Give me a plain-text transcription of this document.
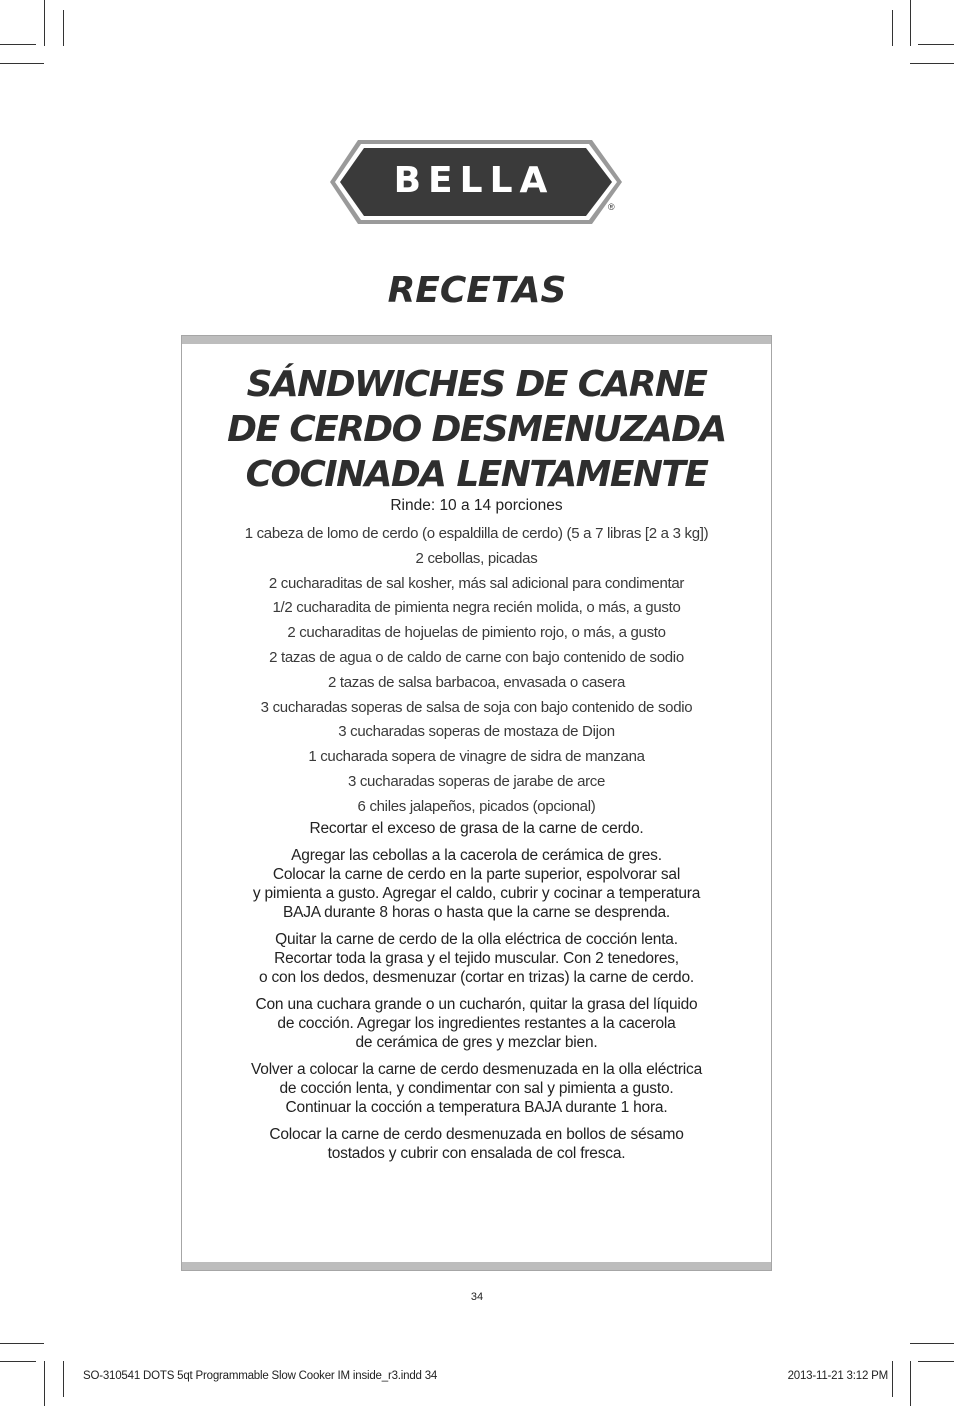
BELLA
®
RECETAS
SÁNDWICHES DE CARNE
DE CERDO DESMENUZADA
COCINADA LENTAMENTE
Rinde: 10 a 14 porciones
1 cabeza de lomo de cerdo (o espaldilla de cerdo) (5 a 7 libras [2 a 3 kg])
2 cebollas, picadas
2 cucharaditas de sal kosher, más sal adicional para condimentar
1/2 cucharadita de pimienta negra recién molida, o más, a gusto
2 cucharaditas de hojuelas de pimiento rojo, o más, a gusto
2 tazas de agua o de caldo de carne con bajo contenido de sodio
2 tazas de salsa barbacoa, envasada o casera
3 cucharadas soperas de salsa de soja con bajo contenido de sodio
3 cucharadas soperas de mostaza de Dijon
1 cucharada sopera de vinagre de sidra de manzana
3 cucharadas soperas de jarabe de arce
6 chiles jalapeños, picados (opcional)

Recortar el exceso de grasa de la carne de cerdo.

Agregar las cebollas a la cacerola de cerámica de gres.
Colocar la carne de cerdo en la parte superior, espolvorar sal
y pimienta a gusto. Agregar el caldo, cubrir y cocinar a temperatura
BAJA durante 8 horas o hasta que la carne se desprenda.

Quitar la carne de cerdo de la olla eléctrica de cocción lenta.
Recortar toda la grasa y el tejido muscular. Con 2 tenedores,
o con los dedos, desmenuzar (cortar en trizas) la carne de cerdo.

Con una cuchara grande o un cucharón, quitar la grasa del líquido
de cocción. Agregar los ingredientes restantes a la cacerola
de cerámica de gres y mezclar bien.

Volver a colocar la carne de cerdo desmenuzada en la olla eléctrica
de cocción lenta, y condimentar con sal y pimienta a gusto.
Continuar la cocción a temperatura BAJA durante 1 hora.

Colocar la carne de cerdo desmenuzada en bollos de sésamo
tostados y cubrir con ensalada de col fresca.

34
SO-310541 DOTS 5qt Programmable Slow Cooker IM inside_r3.indd 34	2013-11-21 3:12 PM
